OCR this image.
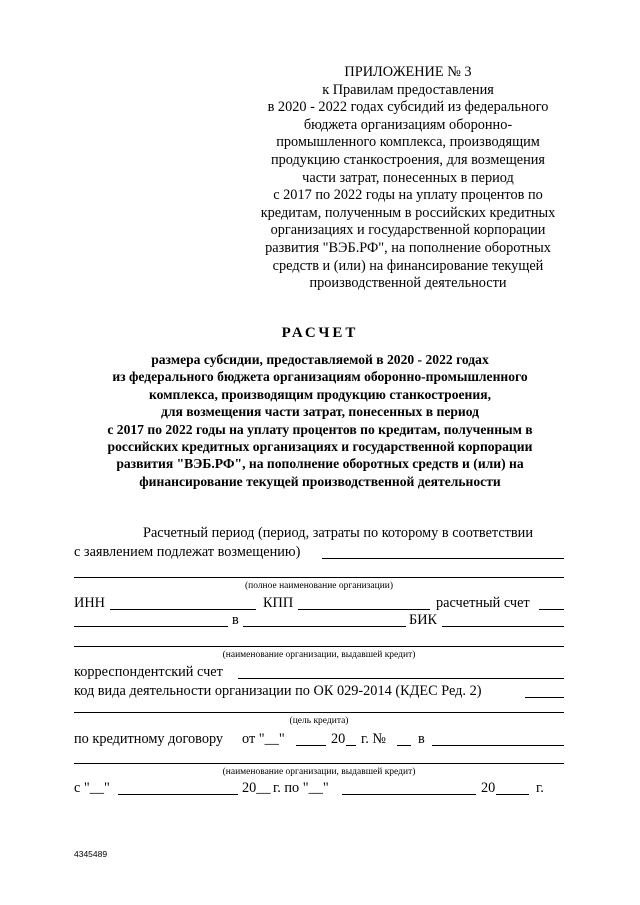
ПРИЛОЖЕНИЕ № 3
к Правилам предоставления
в 2020 - 2022 годах субсидий из федерального
бюджета организациям оборонно-
промышленного комплекса, производящим
продукцию станкостроения, для возмещения
части затрат, понесенных в период
с 2017 по 2022 годы на уплату процентов по
кредитам, полученным в российских кредитных
организациях и государственной корпорации
развития "ВЭБ.РФ", на пополнение оборотных
средств и (или) на финансирование текущей
производственной деятельности
РАСЧЕТ
размера субсидии, предоставляемой в 2020 - 2022 годах
из федерального бюджета организациям оборонно-промышленного
комплекса, производящим продукцию станкостроения,
для возмещения части затрат, понесенных в период
с 2017 по 2022 годы на уплату процентов по кредитам, полученным в
российских кредитных организациях и государственной корпорации
развития "ВЭБ.РФ", на пополнение оборотных средств и (или) на
финансирование текущей производственной деятельности
Расчетный период (период, затраты по которому в соответствии
с заявлением подлежат возмещению)
(полное наименование организации)
ИНН	КПП	расчетный счет
в	БИК
(наименование организации, выдавшей кредит)
корреспондентский счет
код вида деятельности организации по ОК 029-2014 (КДЕС Ред. 2)
(цель кредита)
по кредитному договору от "__"	20 г. № в
(наименование организации, выдавшей кредит)
с "__"	20__ г. по "__"	20	г.
4345489
